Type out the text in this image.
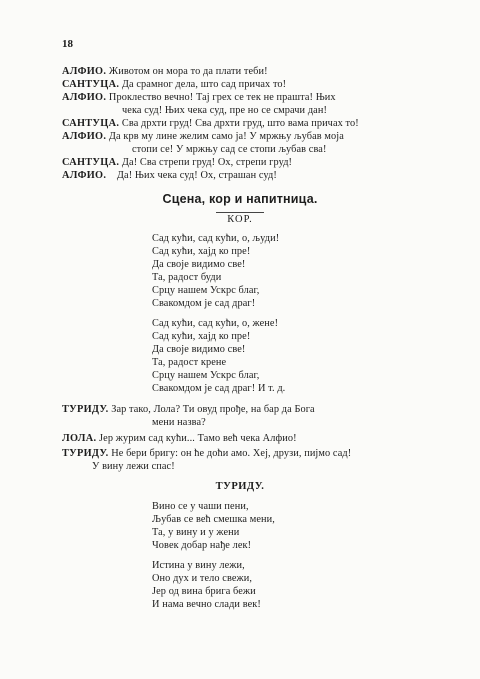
18
АЛФИО. Животом он мора то да плати теби!
САНТУЦА. Да срамног дела, што сад причах то!
АЛФИО. Проклество вечно! Тај грех се тек не прашта! Њих
чека суд! Њих чека суд, пре но се смрачи дан!
САНТУЦА. Сва дрхти груд! Сва дрхти груд, што вама причах то!
АЛФИО. Да крв му лине желим само ја! У мржњу љубав моја
стопи се! У мржњу сад се стопи љубав сва!
САНТУЦА. Да! Сва стрепи груд! Ох, стрепи груд!
АЛФИО. Да! Њих чека суд! Ох, страшан суд!
Сцена, кор и напитница.
КОР.
Сад кући, сад кући, о, људи!
Сад кући, хајд ко пре!
Да своје видимо све!
Та, радост буди
Срцу нашем Ускрс благ,
Свакомдом је сад драг!
Сад кући, сад кући, о, жене!
Сад кући, хајд ко пре!
Да своје видимо све!
Та, радост крене
Срцу нашем Ускрс благ,
Свакомдом је сад драг! И т. д.
ТУРИДУ. Зар тако, Лола? Ти овуд прође, на бар да Бога
мени назва?
ЛОЛА. Јер журим сад кући... Тамо већ чека Алфио!
ТУРИДУ. Не бери бригу: он ће доћи амо. Хеј, друзи, пијмо сад!
У вину лежи спас!
ТУРИДУ.
Вино се у чаши пени,
Љубав се већ смешка мени,
Та, у вину и у жени
Човек добар нађе лек!
Истина у вину лежи,
Оно дух и тело свежи,
Јер од вина брига бежи
И нама вечно слади век!
